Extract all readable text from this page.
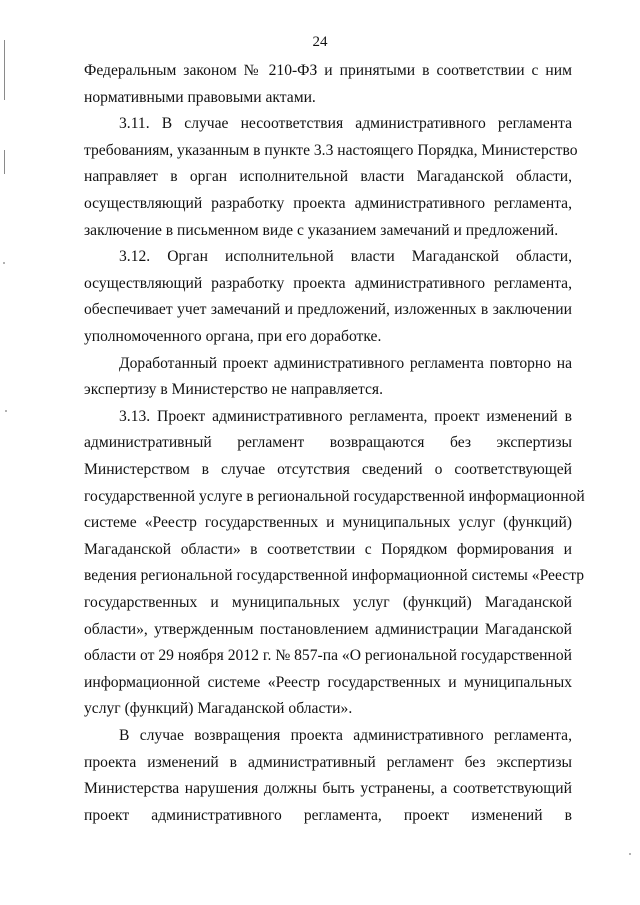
24
Федеральным законом № 210-ФЗ и принятыми в соответствии с ним
нормативными правовыми актами.
3.11. В случае несоответствия административного регламента
требованиям, указанным в пункте 3.3 настоящего Порядка, Министерство
направляет в орган исполнительной власти Магаданской области,
осуществляющий разработку проекта административного регламента,
заключение в письменном виде с указанием замечаний и предложений.
3.12. Орган исполнительной власти Магаданской области,
осуществляющий разработку проекта административного регламента,
обеспечивает учет замечаний и предложений, изложенных в заключении
уполномоченного органа, при его доработке.
Доработанный проект административного регламента повторно на
экспертизу в Министерство не направляется.
3.13. Проект административного регламента, проект изменений в
административный регламент возвращаются без экспертизы
Министерством в случае отсутствия сведений о соответствующей
государственной услуге в региональной государственной информационной
системе «Реестр государственных и муниципальных услуг (функций)
Магаданской области» в соответствии с Порядком формирования и
ведения региональной государственной информационной системы «Реестр
государственных и муниципальных услуг (функций) Магаданской
области», утвержденным постановлением администрации Магаданской
области от 29 ноября 2012 г. № 857-па «О региональной государственной
информационной системе «Реестр государственных и муниципальных
услуг (функций) Магаданской области».
В случае возвращения проекта административного регламента,
проекта изменений в административный регламент без экспертизы
Министерства нарушения должны быть устранены, а соответствующий
проект административного регламента, проект изменений в
